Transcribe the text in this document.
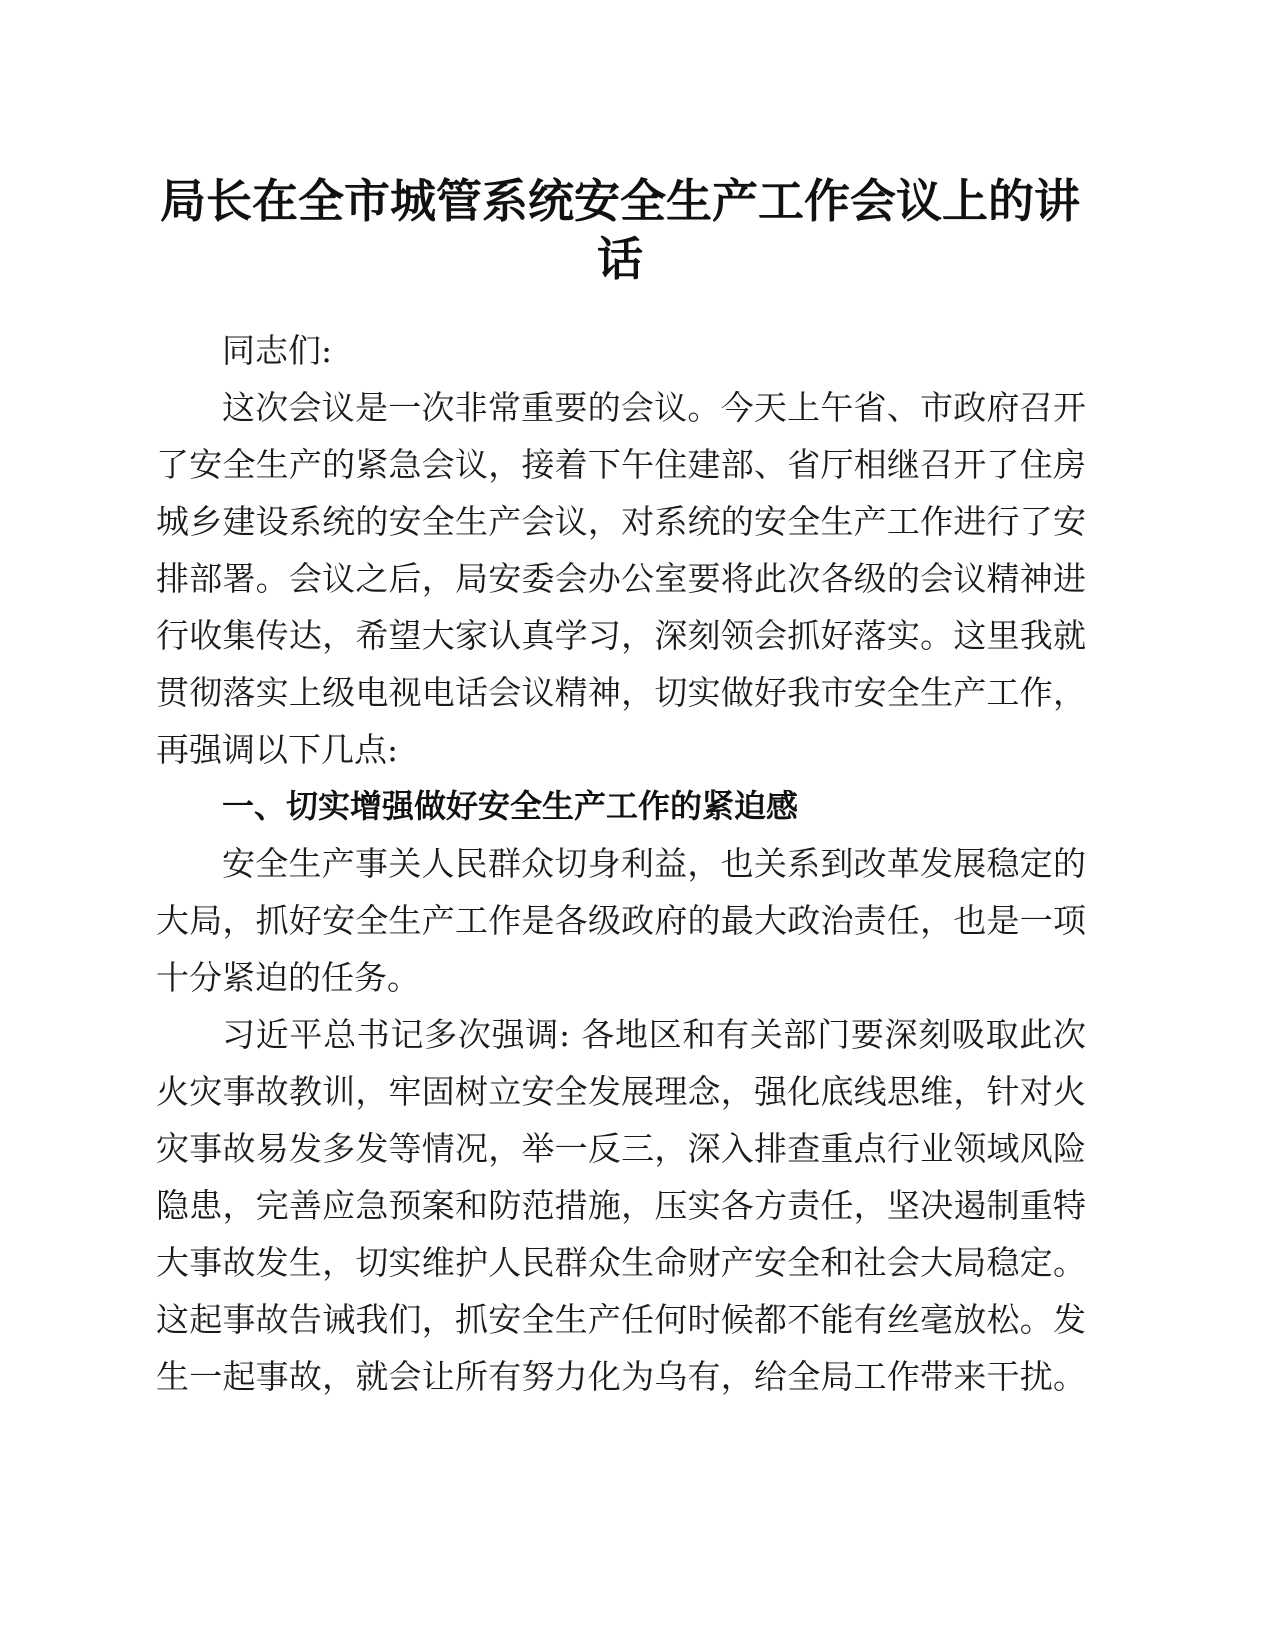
局长在全市城管系统安全生产工作会议上的讲
话
同志们:
这次会议是一次非常重要的会议。今天上午省、市政府召开
了安全生产的紧急会议，接着下午住建部、省厅相继召开了住房
城乡建设系统的安全生产会议，对系统的安全生产工作进行了安
排部署。会议之后，局安委会办公室要将此次各级的会议精神进
行收集传达，希望大家认真学习，深刻领会抓好落实。这里我就
贯彻落实上级电视电话会议精神，切实做好我市安全生产工作，
再强调以下几点:
一、切实增强做好安全生产工作的紧迫感
安全生产事关人民群众切身利益，也关系到改革发展稳定的
大局，抓好安全生产工作是各级政府的最大政治责任，也是一项
十分紧迫的任务。
习近平总书记多次强调: 各地区和有关部门要深刻吸取此次
火灾事故教训，牢固树立安全发展理念，强化底线思维，针对火
灾事故易发多发等情况，举一反三，深入排查重点行业领域风险
隐患，完善应急预案和防范措施，压实各方责任，坚决遏制重特
大事故发生，切实维护人民群众生命财产安全和社会大局稳定。
这起事故告诫我们，抓安全生产任何时候都不能有丝毫放松。发
生一起事故，就会让所有努力化为乌有，给全局工作带来干扰。
